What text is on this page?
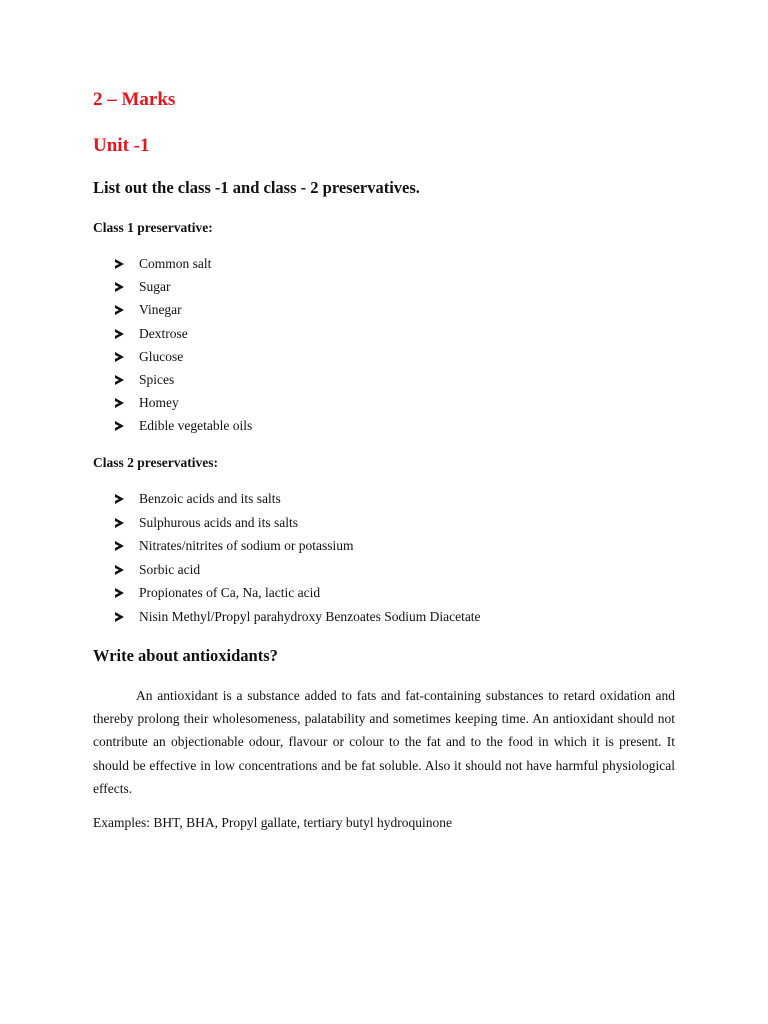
2 – Marks
Unit -1
List out the class -1 and class - 2 preservatives.

Class 1 preservative:

Common salt
Sugar
Vinegar
Dextrose
Glucose
Spices
Homey
Edible vegetable oils

Class 2 preservatives:

Benzoic acids and its salts
Sulphurous acids and its salts
Nitrates/nitrites of sodium or potassium
Sorbic acid
Propionates of Ca, Na, lactic acid
Nisin Methyl/Propyl parahydroxy Benzoates Sodium Diacetate
Write about antioxidants?

An antioxidant is a substance added to fats and fat-containing substances to retard oxidation and thereby prolong their wholesomeness, palatability and sometimes keeping time. An antioxidant should not contribute an objectionable odour, flavour or colour to the fat and to the food in which it is present. It should be effective in low concentrations and be fat soluble. Also it should not have harmful physiological effects.

Examples: BHT, BHA, Propyl gallate, tertiary butyl hydroquinone
